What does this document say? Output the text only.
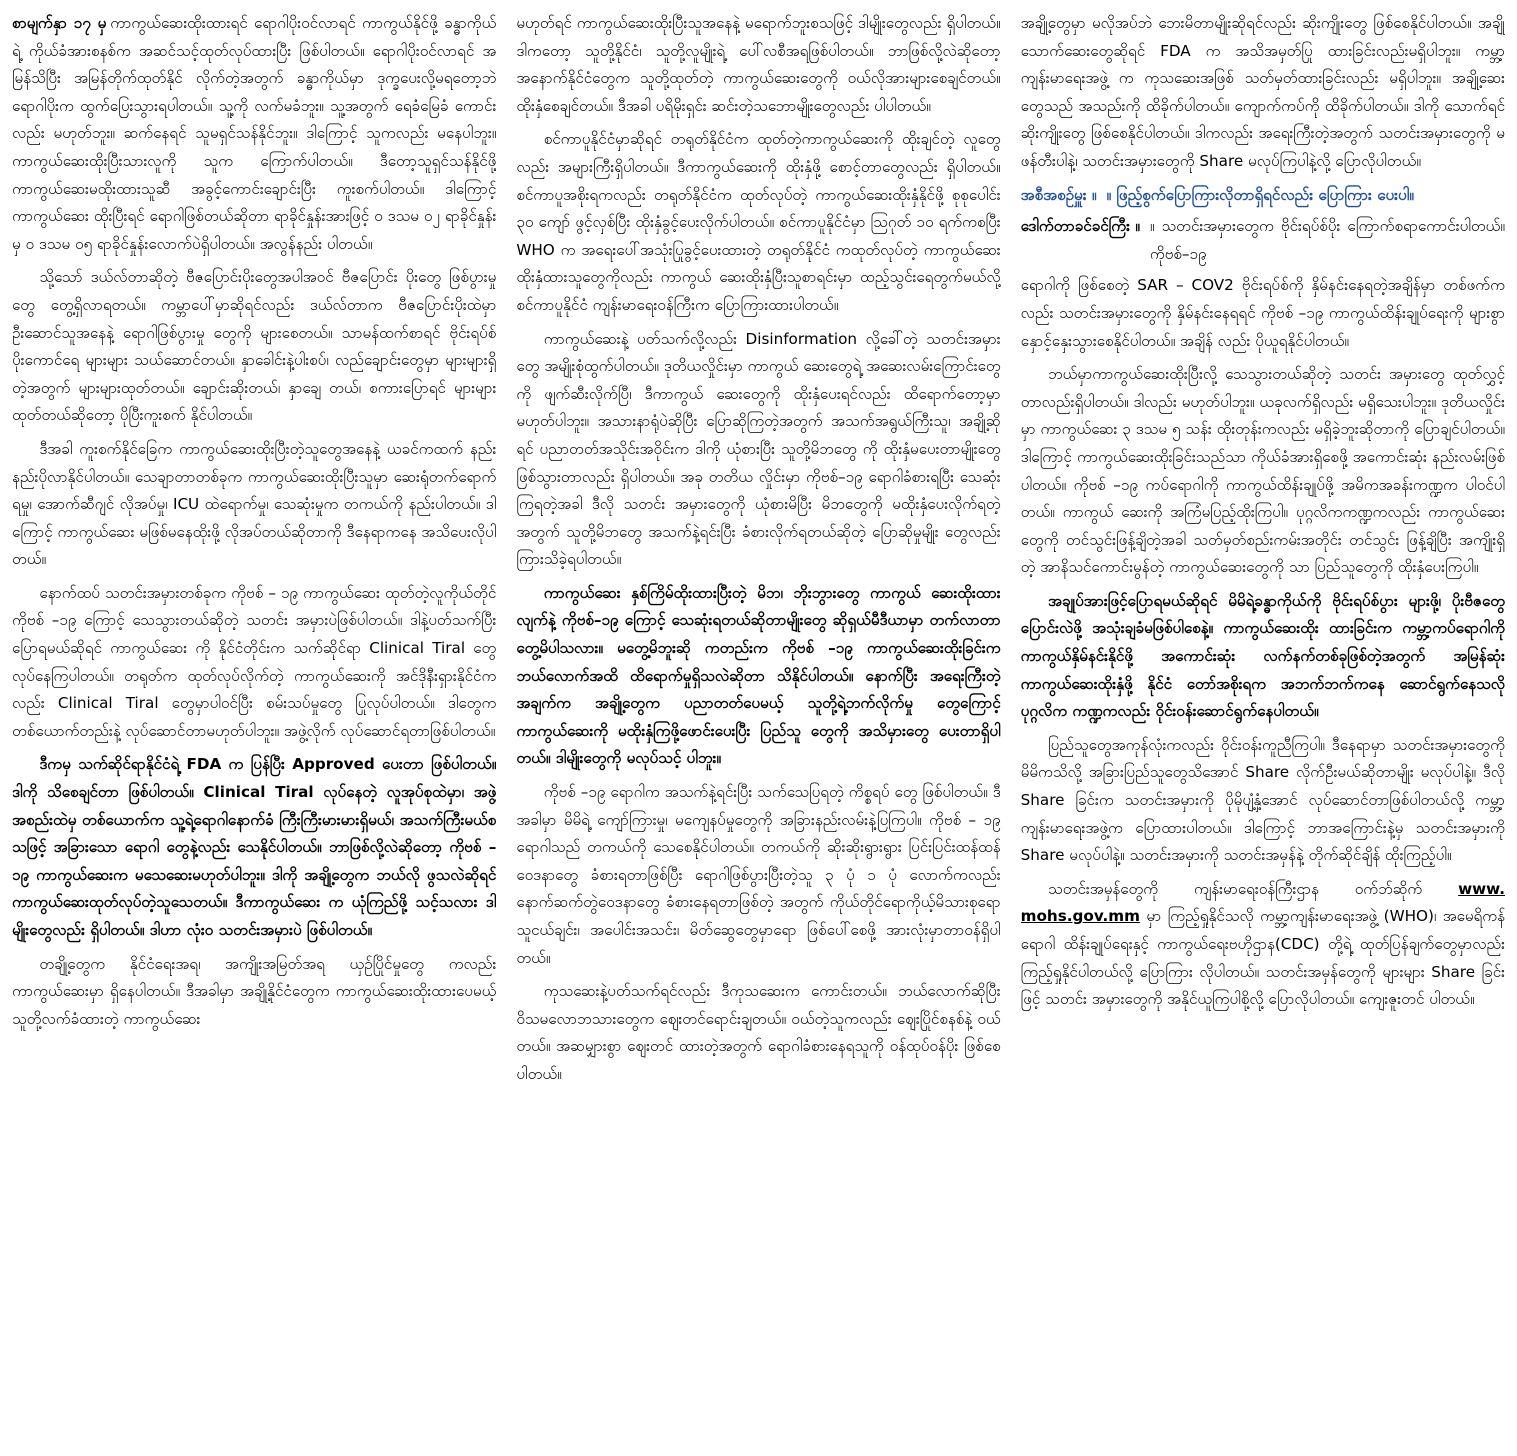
စာမျက်နှာ ၁၇ မှ ကာကွယ်ဆေးထိုးထားရင် ရောဂါပိုးဝင်လာရင် ကာကွယ်နိုင်ဖို့ ခန္ဓာကိုယ်ရဲ့ ကိုယ်ခံအားစနစ်က အဆင်သင့်ထုတ်လုပ်ထားပြီး ဖြစ်ပါတယ်။ ရောဂါပိုးဝင်လာရင် အမြန်သိပြီး အမြန်တိုက်ထုတ်နိုင် လိုက်တဲ့အတွက် ခန္ဓာကိုယ်မှာ ဒုက္ခပေးလို့မရတော့ဘဲ ရောဂါပိုးက ထွက်ပြေးသွားရပါတယ်။ သူ့ကို လက်မခံဘူး။ သူ့အတွက် ရေခံမြေခံ ကောင်းလည်း မဟုတ်ဘူး။ ဆက်နေရင် သူမရှင်သန်နိုင်ဘူး။ ဒါကြောင့် သူကလည်း မနေပါဘူး။ ကာကွယ်ဆေးထိုးပြီးသားလူကို သူက ကြောက်ပါတယ်။ ဒီတော့သူရှင်သန်နိုင်ဖို့ ကာကွယ်ဆေးမထိုးထားသူဆီ အခွင့်ကောင်းချောင်းပြီး ကူးစက်ပါတယ်။ ဒါကြောင့် ကာကွယ်ဆေး ထိုးပြီးရင် ရောဂါဖြစ်တယ်ဆိုတာ ရာခိုင်နှုန်းအားဖြင့် ၀ ဒသမ ၀၂ ရာခိုင်နှုန်းမှ ၀ ဒသမ ၀၅ ရာခိုင်နှုန်းလောက်ပဲရှိပါတယ်။ အလွန်နည်း ပါတယ်။

သို့သော် ဒယ်လ်တာဆိုတဲ့ ဗီဇပြောင်းပိုးတွေအပါအဝင် ဗီဇပြောင်း ပိုးတွေ ဖြစ်ပွားမှုတွေ တွေ့ရှိလာရတယ်။ ကမ္ဘာပေါ်မှာဆိုရင်လည်း ဒယ်လ်တာက ဗီဇပြောင်းပိုးထဲမှာ ဦးဆောင်သူအနေနဲ့ ရောဂါဖြစ်ပွားမှု တွေကို များစေတယ်။ သာမန်ထက်စာရင် ဗိုင်းရပ်စ်ပိုးကောင်ရေ များများ သယ်ဆောင်တယ်။ နှာခေါင်းနဲ့ပါးစပ်၊ လည်ချောင်းတွေမှာ များများရှိတဲ့အတွက် များများထုတ်တယ်။ ချောင်းဆိုးတယ်၊ နှာချေ တယ်၊ စကားပြောရင် များများထုတ်တယ်ဆိုတော့ ပိုပြီးကူးစက် နိုင်ပါတယ်။

ဒီအခါ ကူးစက်နိုင်ခြေက ကာကွယ်ဆေးထိုးပြီးတဲ့သူတွေအနေနဲ့ ယခင်ကထက် နည်းနည်းပိုလာနိုင်ပါတယ်။ သေချာတာတစ်ခုက ကာကွယ်ဆေးထိုးပြီးသူမှာ ဆေးရုံတက်ရောက်ရမှု၊ အောက်ဆီဂျင် လိုအပ်မှု၊ ICU ထဲရောက်မှု၊ သေဆုံးမှုက တကယ်ကို နည်းပါတယ်။ ဒါကြောင့် ကာကွယ်ဆေး မဖြစ်မနေထိုးဖို့ လိုအပ်တယ်ဆိုတာကို ဒီနေရာကနေ အသိပေးလိုပါတယ်။

နောက်ထပ် သတင်းအမှားတစ်ခုက ကိုဗစ် – ၁၉ ကာကွယ်ဆေး ထုတ်တဲ့လူကိုယ်တိုင် ကိုဗစ် –၁၉ ကြောင့် သေသွားတယ်ဆိုတဲ့ သတင်း အမှားပဲဖြစ်ပါတယ်။ ဒါနဲ့ပတ်သက်ပြီး ပြောရမယ်ဆိုရင် ကာကွယ်ဆေး ကို နိုင်ငံတိုင်းက သက်ဆိုင်ရာ Clinical Tiral တွေ လုပ်နေကြပါတယ်။ တရုတ်က ထုတ်လုပ်လိုက်တဲ့ ကာကွယ်ဆေးကို အင်ဒိုနီးရှားနိုင်ငံက လည်း Clinical Tiral တွေမှာပါဝင်ပြီး စမ်းသပ်မှုတွေ ပြုလုပ်ပါတယ်။ ဒါတွေက တစ်ယောက်တည်းနဲ့ လုပ်ဆောင်တာမဟုတ်ပါဘူး။ အဖွဲ့လိုက် လုပ်ဆောင်ရတာဖြစ်ပါတယ်။

ဒီကမှ သက်ဆိုင်ရာနိုင်ငံရဲ့ FDA က ပြန်ပြီး Approved ပေးတာ ဖြစ်ပါတယ်။ ဒါကို သိစေချင်တာ ဖြစ်ပါတယ်။ Clinical Tiral လုပ်နေတဲ့ လူအုပ်စုထဲမှာ၊ အဖွဲ့အစည်းထဲမှ တစ်ယောက်က သူ့ရဲ့ရောဂါနောက်ခံ ကြီးကြီးမားမားရှိမယ်၊ အသက်ကြီးမယ်စသဖြင့် အခြားသော ရောဂါ တွေနဲ့လည်း သေနိုင်ပါတယ်။ ဘာဖြစ်လို့လဲဆိုတော့ ကိုဗစ် – ၁၉ ကာကွယ်ဆေးက မသေဆေးမဟုတ်ပါဘူး။ ဒါကို အချို့တွေက ဘယ်လို ဖွသလဲဆိုရင် ကာကွယ်ဆေးထုတ်လုပ်တဲ့သူသေတယ်။ ဒီကာကွယ်ဆေး က ယုံကြည်ဖို့ သင့်သလား ဒါမျိုးတွေလည်း ရှိပါတယ်။ ဒါဟာ လုံးဝ သတင်းအမှားပဲ ဖြစ်ပါတယ်။

တချို့တွေက နိုင်ငံရေးအရ၊ အကျိုးအမြတ်အရ ယှဉ်ပြိုင်မှုတွေ ကလည်း ကာကွယ်ဆေးမှာ ရှိနေပါတယ်။ ဒီအခါမှာ အချို့နိုင်ငံတွေက ကာကွယ်ဆေးထိုးထားပေမယ့် သူတို့လက်ခံထားတဲ့ ကာကွယ်ဆေး

မဟုတ်ရင် ကာကွယ်ဆေးထိုးပြီးသူအနေနဲ့ မရောက်ဘူးစသဖြင့် ဒါမျိုးတွေလည်း ရှိပါတယ်။ ဒါကတော့ သူတို့နိုင်ငံ၊ သူတို့လူမျိုးရဲ့ ပေါ်လစီအရဖြစ်ပါတယ်။ ဘာဖြစ်လို့လဲဆိုတော့ အနောက်နိုင်ငံတွေက သူတို့ထုတ်တဲ့ ကာကွယ်ဆေးတွေကို ဝယ်လိုအားများစေချင်တယ်။ ထိုးနှံစေချင်တယ်။ ဒီအခါ ပရိမိုးရှင်း ဆင်းတဲ့သဘောမျိုးတွေလည်း ပါပါတယ်။

စင်ကာပူနိုင်ငံမှာဆိုရင် တရုတ်နိုင်ငံက ထုတ်တဲ့ကာကွယ်ဆေးကို ထိုးချင်တဲ့ လူတွေလည်း အများကြီးရှိပါတယ်။ ဒီကာကွယ်ဆေးကို ထိုးနှံဖို့ စောင့်တာတွေလည်း ရှိပါတယ်။ စင်ကာပူအစိုးရကလည်း တရုတ်နိုင်ငံက ထုတ်လုပ်တဲ့ ကာကွယ်ဆေးထိုးနှံနိုင်ဖို့ စုစုပေါင်း ၃၀ ကျော် ဖွင့်လှစ်ပြီး ထိုးနှံခွင့်ပေးလိုက်ပါတယ်။ စင်ကာပူနိုင်ငံမှာ ဩဂုတ် ၁၀ ရက်ကစပြီး WHO က အရေးပေါ်အသုံးပြုခွင့်ပေးထားတဲ့ တရုတ်နိုင်ငံ ကထုတ်လုပ်တဲ့ ကာကွယ်ဆေးထိုးနှံထားသူတွေကိုလည်း ကာကွယ် ဆေးထိုးနှံပြီးသူစာရင်းမှာ ထည့်သွင်းရေတွက်မယ်လို့ စင်ကာပူနိုင်ငံ ကျန်းမာရေးဝန်ကြီးက ပြောကြားထားပါတယ်။

ကာကွယ်ဆေးနဲ့ ပတ်သက်လို့လည်း Disinformation လို့ခေါ်တဲ့ သတင်းအမှားတွေ အမျိုးစုံထွက်ပါတယ်။ ဒုတိယလှိုင်းမှာ ကာကွယ် ဆေးတွေရဲ့ အဆေးလမ်းကြောင်းတွေကို ဖျက်ဆီးလိုက်ပြီ၊ ဒီကာကွယ် ဆေးတွေကို ထိုးနှံပေးရင်လည်း ထိရောက်တော့မှာ မဟုတ်ပါဘူး။ အသားနာရုံပဲဆိုပြီး ပြောဆိုကြတဲ့အတွက် အသက်အရွယ်ကြီးသူ၊ အချို့ဆိုရင် ပညာတတ်အသိုင်းအဝိုင်းက ဒါကို ယုံစားပြီး သူတို့မိဘတွေ ကို ထိုးနှံမပေးတာမျိုးတွေ ဖြစ်သွားတာလည်း ရှိပါတယ်။ အခု တတိယ လှိုင်းမှာ ကိုဗစ်–၁၉ ရောဂါခံစားရပြီး သေဆုံးကြရတဲ့အခါ ဒီလို သတင်း အမှားတွေကို ယုံစားမိပြီး မိဘတွေကို မထိုးနှံပေးလိုက်ရတဲ့အတွက် သူတို့မိဘတွေ အသက်နဲ့ရင်းပြီး ခံစားလိုက်ရတယ်ဆိုတဲ့ ပြောဆိုမှုမျိုး တွေလည်း ကြားသိခဲ့ရပါတယ်။

ကာကွယ်ဆေး နှစ်ကြိမ်ထိုးထားပြီးတဲ့ မိဘ၊ ဘိုးဘွားတွေ ကာကွယ် ဆေးထိုးထားလျက်နဲ့ ကိုဗစ်–၁၉ ကြောင့် သေဆုံးရတယ်ဆိုတာမျိုးတွေ ဆိုရှယ်မီဒီယာမှာ တက်လာတာတွေ့မိပါသလား။ မတွေ့မိဘူးဆို ကတည်းက ကိုဗစ် –၁၉ ကာကွယ်ဆေးထိုးခြင်းက ဘယ်လောက်အထိ ထိရောက်မှုရှိသလဲဆိုတာ သိနိုင်ပါတယ်။ နောက်ပြီး အရေးကြီးတဲ့ အချက်က အချို့တွေက ပညာတတ်ပေမယ့် သူတို့ရဲ့ဘက်လိုက်မှု တွေကြောင့် ကာကွယ်ဆေးကို မထိုးနှံကြဖို့ဖောင်းပေးပြီး ပြည်သူ တွေကို အသိမှားတွေ ပေးတာရှိပါတယ်။ ဒါမျိုးတွေကို မလုပ်သင့် ပါဘူး။

ကိုဗစ် –၁၉ ရောဂါက အသက်နဲ့ရင်းပြီး သက်သေပြရတဲ့ ကိစ္စရပ် တွေ ဖြစ်ပါတယ်။ ဒီအခါမှာ မိမိရဲ့ ကျော်ကြားမှု၊ မကျေနပ်မှုတွေကို အခြားနည်းလမ်းနဲ့ပြကြပါ။ ကိုဗစ် – ၁၉ ရောဂါသည် တကယ်ကို သေစေနိုင်ပါတယ်။ တကယ်ကို ဆိုးဆိုးရွားရွား ပြင်းပြင်းထန်ထန် ဝေဒနာတွေ ခံစားရတာဖြစ်ပြီး ရောဂါဖြစ်ပွားပြီးတဲ့သူ ၃ ပုံ ၁ ပုံ လောက်ကလည်း နောက်ဆက်တွဲဝေဒနာတွေ ခံစားနေရတာဖြစ်တဲ့ အတွက် ကိုယ်တိုင်ရောကိုယ့်မိသားစုရောသူငယ်ချင်း၊ အပေါင်းအသင်း၊ မိတ်ဆွေတွေမှာရော ဖြစ်ပေါ်စေဖို့ အားလုံးမှာတာဝန်ရှိပါတယ်။

ကုသဆေးနဲ့ပတ်သက်ရင်လည်း ဒီကုသဆေးက ကောင်းတယ်။ ဘယ်လောက်ဆိုပြီး ဝိသမလောဘသားတွေက ဈေးတင်ရောင်းချတယ်။ ဝယ်တဲ့သူကလည်း ဈေးပြိုင်စနစ်နဲ့ ဝယ်တယ်။ အဆမျှားစွာ ဈေးတင် ထားတဲ့အတွက် ရောဂါခံစားနေရသူကို ဝန်ထုပ်ဝန်ပိုး ဖြစ်စေပါတယ်။

အချို့တွေမှာ မလိုအပ်ဘဲ ဘေးမိတာမျိုးဆိုရင်လည်း ဆိုးကျိုးတွေ ဖြစ်စေနိုင်ပါတယ်။ အချို့သောက်ဆေးတွေဆိုရင် FDA က အသိအမှတ်ပြု ထားခြင်းလည်းမရှိပါဘူး။ ကမ္ဘာ့ကျန်းမာရေးအဖွဲ့ က ကုသဆေးအဖြစ် သတ်မှတ်ထားခြင်းလည်း မရှိပါဘူး။ အချို့ဆေးတွေသည် အသည်းကို ထိခိုက်ပါတယ်။ ကျောက်ကပ်ကို ထိခိုက်ပါတယ်။ ဒါကို သောက်ရင် ဆိုးကျိုးတွေ ဖြစ်စေနိုင်ပါတယ်။ ဒါကလည်း အရေးကြီးတဲ့အတွက် သတင်းအမှားတွေကို မဖန်တီးပါနဲ့၊ သတင်းအမှားတွေကို Share မလုပ်ကြပါနဲ့လို့ ပြောလိုပါတယ်။

အစီအစဉ်မှူး ။ ။ ဖြည့်စွက်ပြောကြားလိုတာရှိရင်လည်း ပြောကြား ပေးပါ။
ဒေါက်တာခင်ခင်ကြီး ။ ။ သတင်းအမှားတွေက ဗိုင်းရပ်စ်ပိုး ကြောက်စရာကောင်းပါတယ်။ ကိုဗစ်–၁၉

ရောဂါကို ဖြစ်စေတဲ့ SAR – COV2 ဗိုင်းရပ်စ်ကို နှိမ်နင်းနေရတဲ့အချိန်မှာ တစ်ဖက်ကလည်း သတင်းအမှားတွေကို နှိမ်နင်းနေရရင် ကိုဗစ် –၁၉ ကာကွယ်ထိန်းချုပ်ရေးကို များစွာနှောင့်နှေးသွားစေနိုင်ပါတယ်။ အချိန် လည်း ပိုယူရနိုင်ပါတယ်။

ဘယ်မှာကာကွယ်ဆေးထိုးပြီးလို့ သေသွားတယ်ဆိုတဲ့ သတင်း အမှားတွေ ထုတ်လွှင့်တာလည်းရှိပါတယ်။ ဒါလည်း မဟုတ်ပါဘူး။ ယခုလက်ရှိလည်း မရှိသေးပါဘူး။ ဒုတိယလှိုင်းမှာ ကာကွယ်ဆေး ၃ ဒသမ ၅ သန်း ထိုးတုန်းကလည်း မရှိခဲ့ဘူးဆိုတာကို ပြောချင်ပါတယ်။ ဒါကြောင့် ကာကွယ်ဆေးထိုးခြင်းသည်သာ ကိုယ်ခံအားရှိစေဖို့ အကောင်းဆုံး နည်းလမ်းဖြစ်ပါတယ်။ ကိုဗစ် –၁၉ ကပ်ရောဂါကို ကာကွယ်ထိန်းချုပ်ဖို့ အမိကအခန်းကဏ္ဍက ပါဝင်ပါတယ်။ ကာကွယ် ဆေးကို အကြံမပြည့်ထိုးကြပါ။ ပုဂ္ဂလိကကဏ္ဍကလည်း ကာကွယ်ဆေး တွေကို တင်သွင်းဖြန့်ချိတဲ့အခါ သတ်မှတ်စည်းကမ်းအတိုင်း တင်သွင်း ဖြန့်ချိပြီး အကျိုးရှိတဲ့ အာနိသင်ကောင်းမွန်တဲ့ ကာကွယ်ဆေးတွေကို သာ ပြည်သူတွေကို ထိုးနှံပေးကြပါ။

အချုပ်အားဖြင့်ပြောရမယ်ဆိုရင် မိမိရဲ့ခန္ဓာကိုယ်ကို ဗိုင်းရပ်စ်ပွား များဖို့၊ ပိုးဗီဇတွေပြောင်းလဲဖို့ အသုံးချခံမဖြစ်ပါစေနဲ့။ ကာကွယ်ဆေးထိုး ထားခြင်းက ကမ္ဘာ့ကပ်ရောဂါကို ကာကွယ်နှိမ်နင်းနိုင်ဖို့ အကောင်းဆုံး လက်နက်တစ်ခုဖြစ်တဲ့အတွက် အမြန်ဆုံးကာကွယ်ဆေးထိုးနှံဖို့ နိုင်ငံ တော်အစိုးရက အဘက်ဘက်ကနေ ဆောင်ရွက်နေသလို ပုဂ္ဂလိက ကဏ္ဍကလည်း ဝိုင်းဝန်းဆောင်ရွက်နေပါတယ်။

ပြည်သူတွေအကုန်လုံးကလည်း ဝိုင်းဝန်းကူညီကြပါ။ ဒီနေရာမှာ သတင်းအမှားတွေကို မိမိကသိလို့ အခြားပြည်သူတွေသိအောင် Share လိုက်ဦးမယ်ဆိုတာမျိုး မလုပ်ပါနဲ့။ ဒီလို Share ခြင်းက သတင်းအမှားကို ပိုမိုပျံ့နှံ့အောင် လုပ်ဆောင်တာဖြစ်ပါတယ်လို့ ကမ္ဘာ့ကျန်းမာရေးအဖွဲ့က ပြောထားပါတယ်။ ဒါကြောင့် ဘာအကြောင်းနဲ့မှ သတင်းအမှားကို Share မလုပ်ပါနဲ့။ သတင်းအမှားကို သတင်းအမှန်နဲ့ တိုက်ဆိုင်ချိန် ထိုးကြည့်ပါ။

သတင်းအမှန်တွေကို ကျန်းမာရေးဝန်ကြီးဌာန ဝက်ဘ်ဆိုက် www. mohs.gov.mm မှာ ကြည့်ရှုနိုင်သလို ကမ္ဘာ့ကျန်းမာရေးအဖွဲ့ (WHO)၊ အမေရိကန်ရောဂါ ထိန်းချုပ်ရေးနှင့် ကာကွယ်ရေးဗဟိုဌာန(CDC) တို့ရဲ့ ထုတ်ပြန်ချက်တွေမှာလည်း ကြည့်ရှုနိုင်ပါတယ်လို့ ပြောကြား လိုပါတယ်။ သတင်းအမှန်တွေကို များများ Share ခြင်းဖြင့် သတင်း အမှားတွေကို အနိုင်ယူကြပါစို့လို့ ပြောလိုပါတယ်။ ကျေးဇူးတင် ပါတယ်။
